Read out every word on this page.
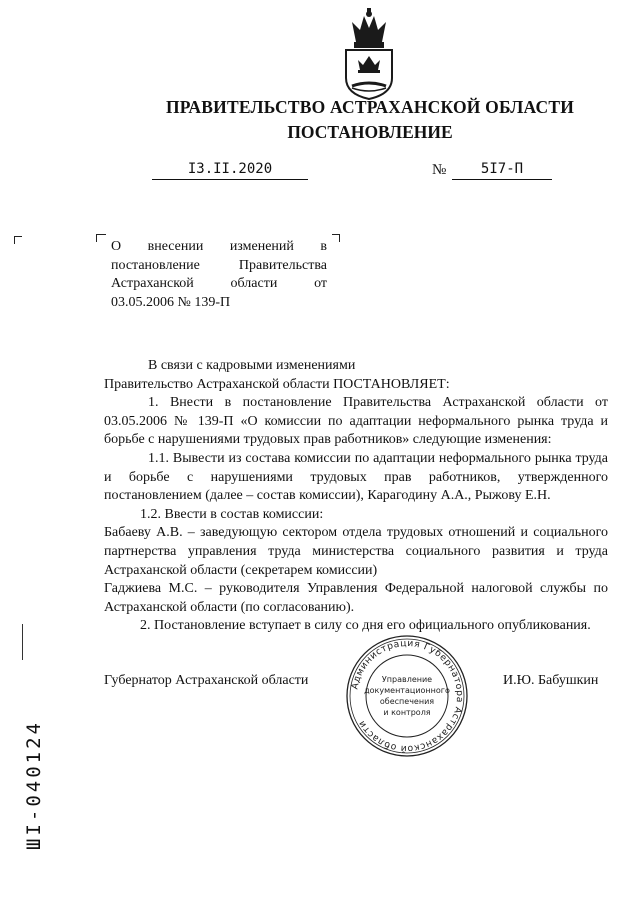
ПРАВИТЕЛЬСТВО АСТРАХАНСКОЙ ОБЛАСТИ
ПОСТАНОВЛЕНИЕ
I3.II.2020	№	5I7-П
О внесении изменений в постановление Правительства Астраханской области от 03.05.2006 № 139-П

В связи с кадровыми изменениями

Правительство Астраханской области ПОСТАНОВЛЯЕТ:

1. Внести в постановление Правительства Астраханской области от 03.05.2006 № 139-П «О комиссии по адаптации неформального рынка труда и борьбе с нарушениями трудовых прав работников» следующие изменения:

1.1. Вывести из состава комиссии по адаптации неформального рынка труда и борьбе с нарушениями трудовых прав работников, утвержденного постановлением (далее – состав комиссии), Карагодину А.А., Рыжову Е.Н.

1.2. Ввести в состав комиссии:

Бабаеву А.В. – заведующую сектором отдела трудовых отношений и социального партнерства управления труда министерства социального развития и труда Астраханской области (секретарем комиссии)

Гаджиева М.С. – руководителя Управления Федеральной налоговой службы по Астраханской области (по согласованию).

2. Постановление вступает в силу со дня его официального опубликования.

Губернатор Астраханской области	И.Ю. Бабушкин
Администрация Губернатора Астраханской области
Управление
документационного
обеспечения
и контроля
ШI-040124
